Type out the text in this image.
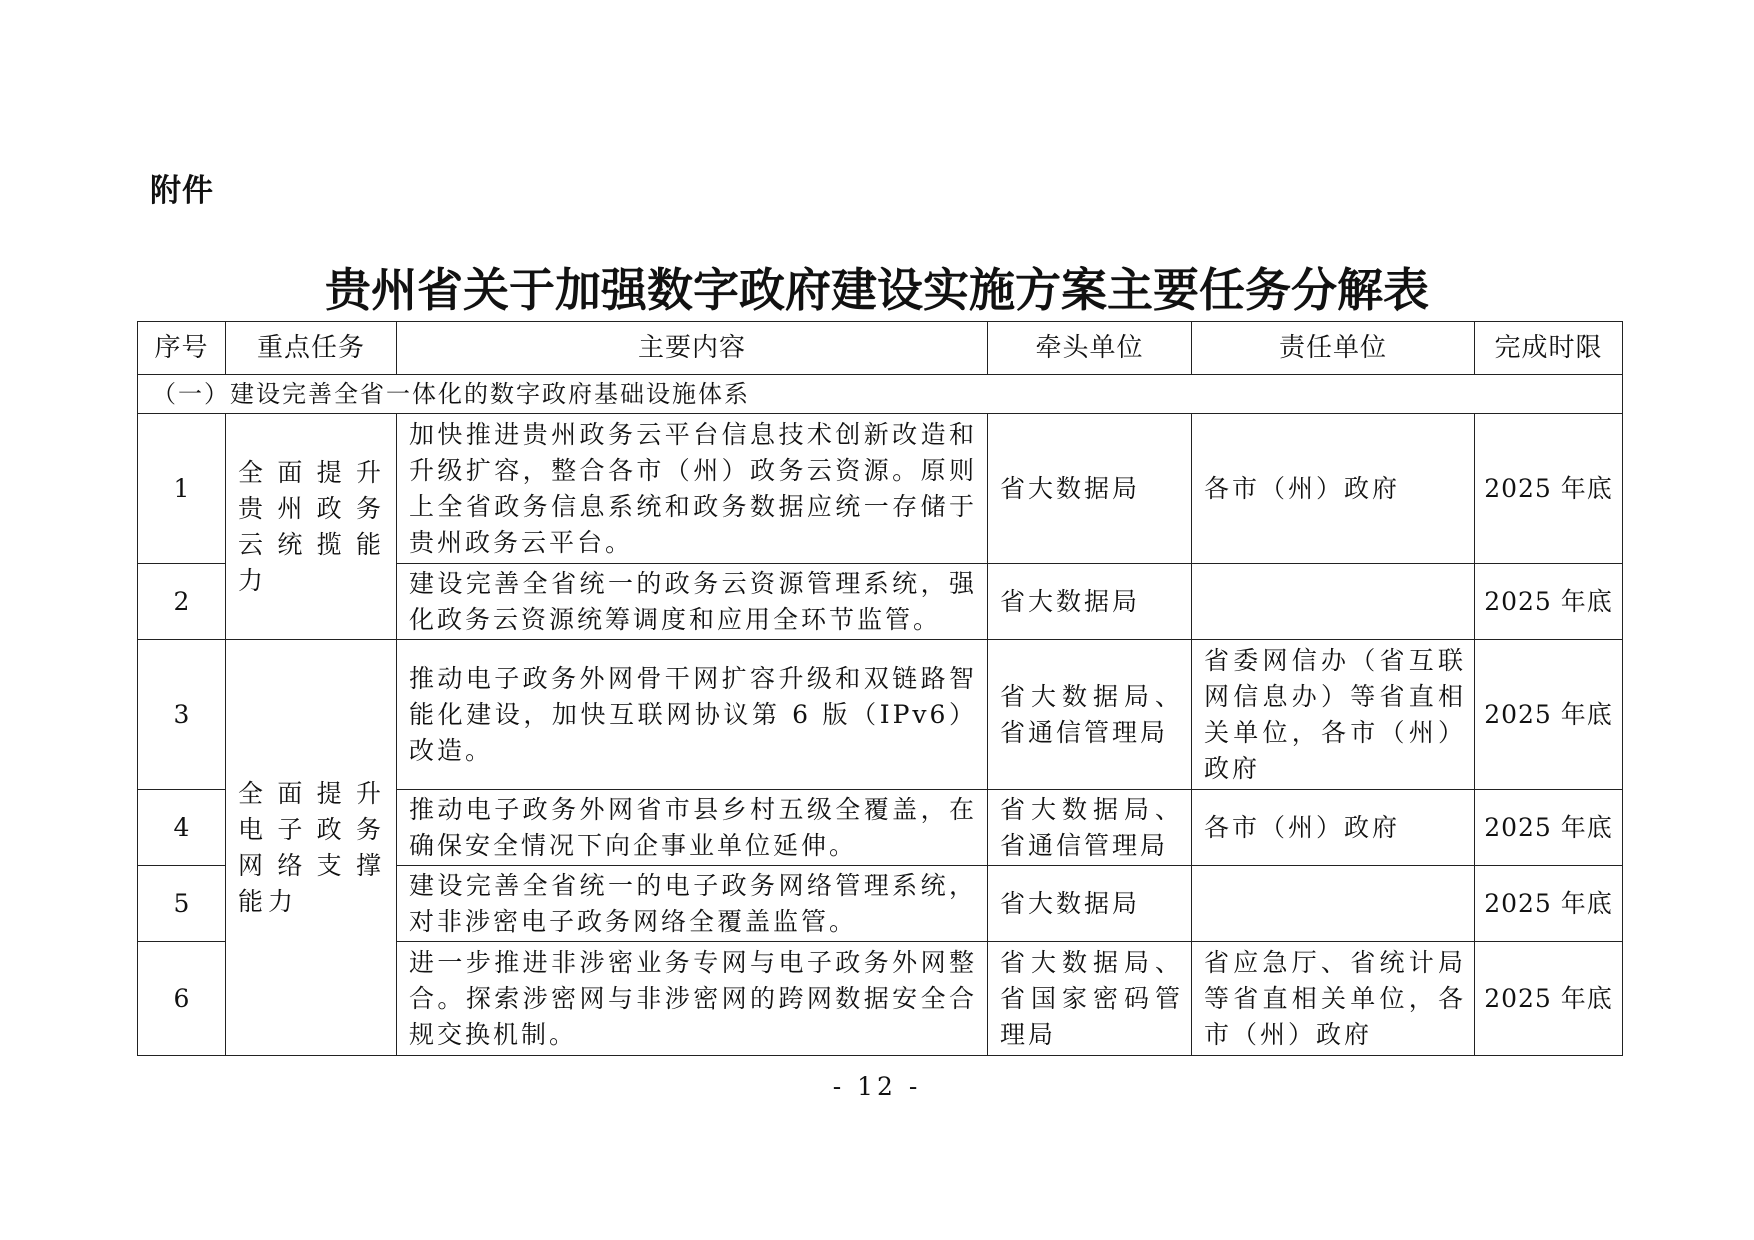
附件
贵州省关于加强数字政府建设实施方案主要任务分解表
序号	重点任务	主要内容	牵头单位	责任单位	完成时限
（一）建设完善全省一体化的数字政府基础设施体系					
1	全面提升贵州政务云统揽能力	加快推进贵州政务云平台信息技术创新改造和升级扩容，整合各市（州）政务云资源。原则上全省政务信息系统和政务数据应统一存储于贵州政务云平台。	省大数据局	各市（州）政府	2025 年底
2		建设完善全省统一的政务云资源管理系统，强化政务云资源统筹调度和应用全环节监管。	省大数据局		2025 年底
3	全面提升电子政务网络支撑能力	推动电子政务外网骨干网扩容升级和双链路智能化建设，加快互联网协议第 6 版（IPv6）改造。	省大数据局、省通信管理局	省委网信办（省互联网信息办）等省直相关单位，各市（州）政府	2025 年底
4		推动电子政务外网省市县乡村五级全覆盖，在确保安全情况下向企事业单位延伸。	省大数据局、省通信管理局	各市（州）政府	2025 年底
5		建设完善全省统一的电子政务网络管理系统，对非涉密电子政务网络全覆盖监管。	省大数据局		2025 年底
6		进一步推进非涉密业务专网与电子政务外网整合。探索涉密网与非涉密网的跨网数据安全合规交换机制。	省大数据局、省国家密码管理局	省应急厅、省统计局等省直相关单位，各市（州）政府	2025 年底
- 12 -
